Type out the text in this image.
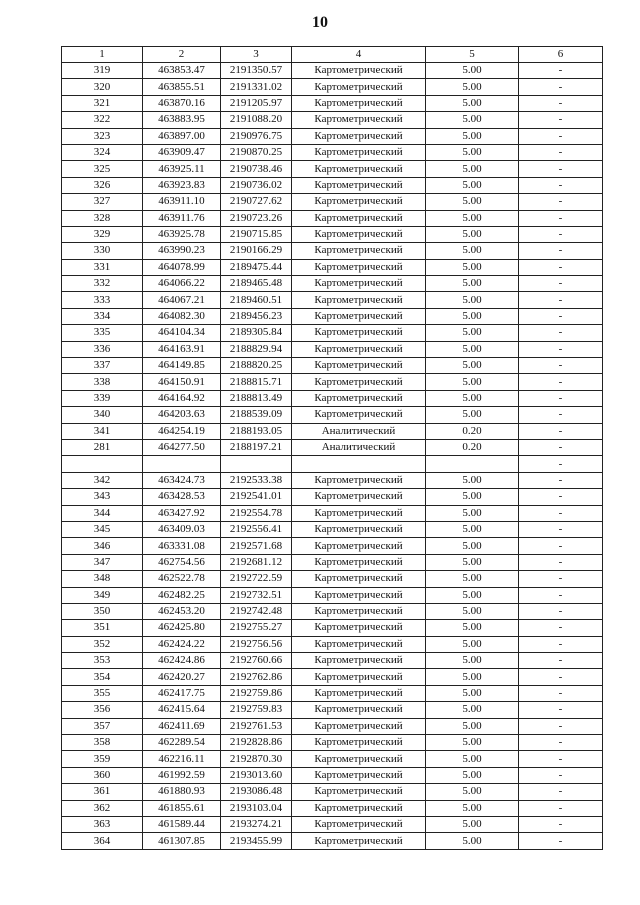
10
1	2	3	4	5	6
319	463853.47	2191350.57	Картометрический	5.00	-
320	463855.51	2191331.02	Картометрический	5.00	-
321	463870.16	2191205.97	Картометрический	5.00	-
322	463883.95	2191088.20	Картометрический	5.00	-
323	463897.00	2190976.75	Картометрический	5.00	-
324	463909.47	2190870.25	Картометрический	5.00	-
325	463925.11	2190738.46	Картометрический	5.00	-
326	463923.83	2190736.02	Картометрический	5.00	-
327	463911.10	2190727.62	Картометрический	5.00	-
328	463911.76	2190723.26	Картометрический	5.00	-
329	463925.78	2190715.85	Картометрический	5.00	-
330	463990.23	2190166.29	Картометрический	5.00	-
331	464078.99	2189475.44	Картометрический	5.00	-
332	464066.22	2189465.48	Картометрический	5.00	-
333	464067.21	2189460.51	Картометрический	5.00	-
334	464082.30	2189456.23	Картометрический	5.00	-
335	464104.34	2189305.84	Картометрический	5.00	-
336	464163.91	2188829.94	Картометрический	5.00	-
337	464149.85	2188820.25	Картометрический	5.00	-
338	464150.91	2188815.71	Картометрический	5.00	-
339	464164.92	2188813.49	Картометрический	5.00	-
340	464203.63	2188539.09	Картометрический	5.00	-
341	464254.19	2188193.05	Аналитический	0.20	-
281	464277.50	2188197.21	Аналитический	0.20	-
					-
342	463424.73	2192533.38	Картометрический	5.00	-
343	463428.53	2192541.01	Картометрический	5.00	-
344	463427.92	2192554.78	Картометрический	5.00	-
345	463409.03	2192556.41	Картометрический	5.00	-
346	463331.08	2192571.68	Картометрический	5.00	-
347	462754.56	2192681.12	Картометрический	5.00	-
348	462522.78	2192722.59	Картометрический	5.00	-
349	462482.25	2192732.51	Картометрический	5.00	-
350	462453.20	2192742.48	Картометрический	5.00	-
351	462425.80	2192755.27	Картометрический	5.00	-
352	462424.22	2192756.56	Картометрический	5.00	-
353	462424.86	2192760.66	Картометрический	5.00	-
354	462420.27	2192762.86	Картометрический	5.00	-
355	462417.75	2192759.86	Картометрический	5.00	-
356	462415.64	2192759.83	Картометрический	5.00	-
357	462411.69	2192761.53	Картометрический	5.00	-
358	462289.54	2192828.86	Картометрический	5.00	-
359	462216.11	2192870.30	Картометрический	5.00	-
360	461992.59	2193013.60	Картометрический	5.00	-
361	461880.93	2193086.48	Картометрический	5.00	-
362	461855.61	2193103.04	Картометрический	5.00	-
363	461589.44	2193274.21	Картометрический	5.00	-
364	461307.85	2193455.99	Картометрический	5.00	-
